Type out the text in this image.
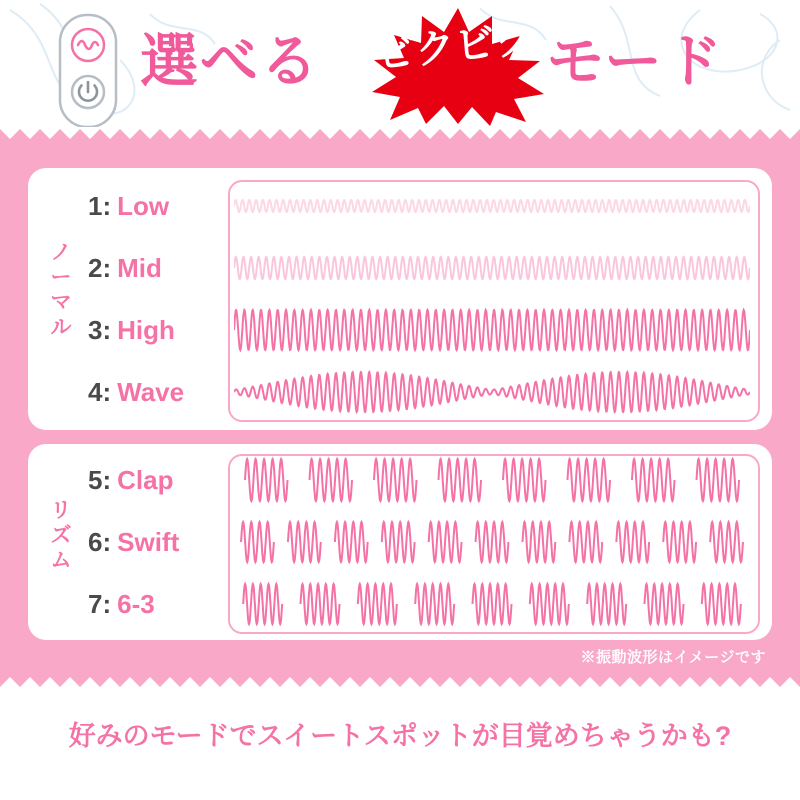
選べる	モード
ビクビク
ノーマル
1: Low
2: Mid
3: High
4: Wave
リズム
5: Clap
6: Swift
7: 6-3
※振動波形はイメージです
好みのモードでスイートスポットが目覚めちゃうかも?
